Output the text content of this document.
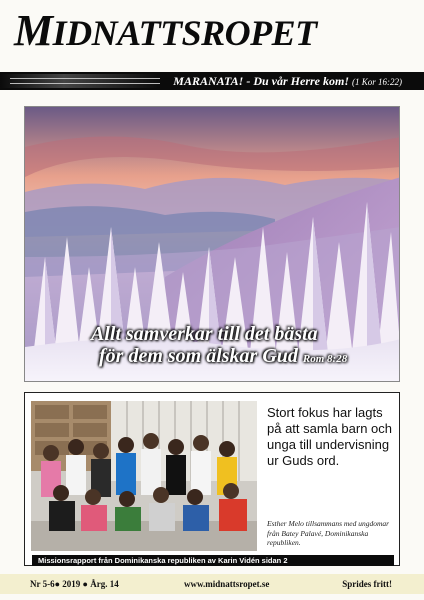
MIDNATTSROPET
MARANATA! - Du vår Herre kom! (1 Kor 16:22)
Allt samverkar till det bästa

för dem som älskar Gud Rom 8:28

Stort fokus har lagts på att samla barn och unga till undervisning ur Guds ord.

Esther Melo tillsammans med ungdomar från Batey Palavé, Dominikanska republiken.

Missionsrapport från Dominikanska republiken av Karin Vidén sidan 2
Nr 5-6● 2019 ● Årg. 14	www.midnattsropet.se	Sprides fritt!
